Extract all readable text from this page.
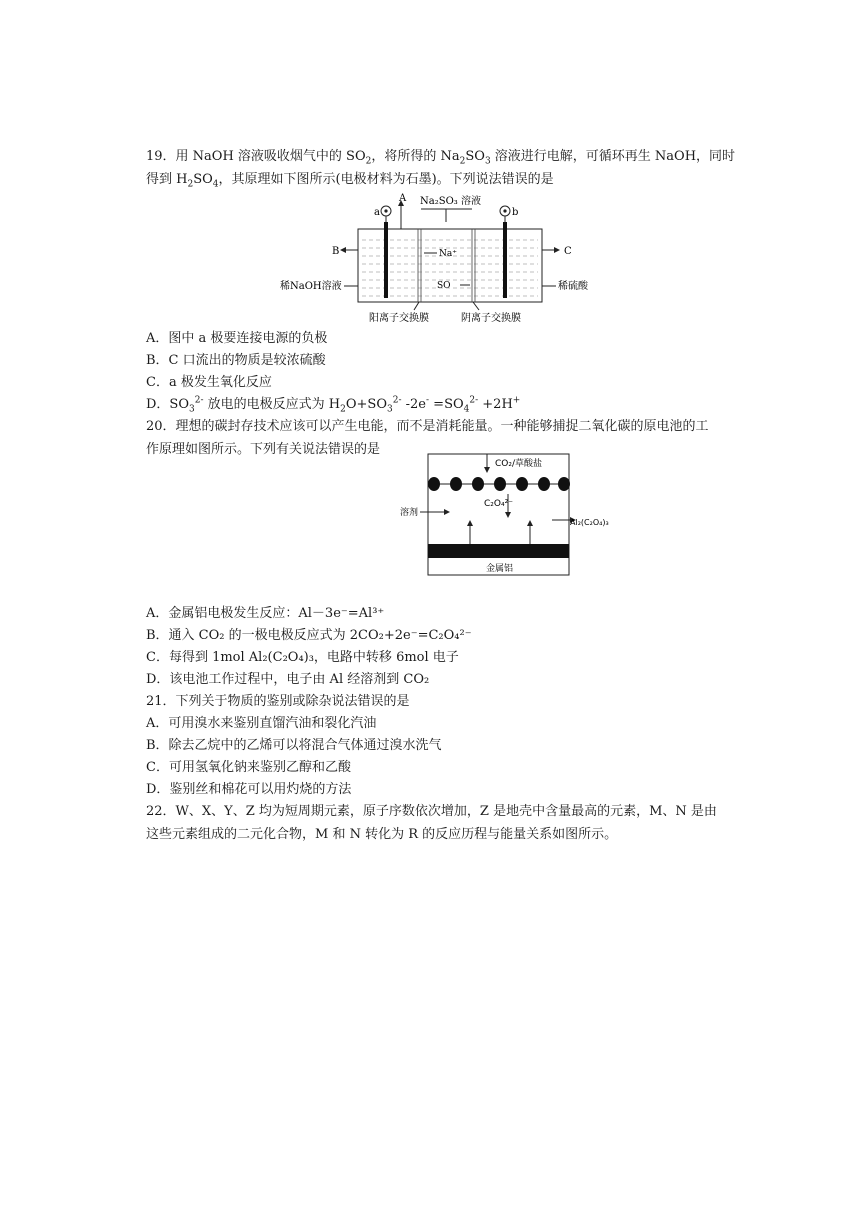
19．用 NaOH 溶液吸收烟气中的 $SO_2$，将所得的 $Na_2SO_3$ 溶液进行电解，可循环再生 NaOH，同时
得到 $H_2SO_4$，其原理如下图所示(电极材料为石墨)。下列说法错误的是
a	b
A Na₂SO₃ 溶液
B	C
Na⁺
SO
稀NaOH溶液	稀硫酸
阳离子交换膜	阴离子交换膜
A．图中 a 极要连接电源的负极
B．C 口流出的物质是较浓硫酸
C．a 极发生氧化反应
D．$SO_3^{2-}$ 放电的电极反应式为 $H_2O+SO_3^{2-}$ $-2e^- =SO_4^{2-} +2H^+$
20．理想的碳封存技术应该可以产生电能，而不是消耗能量。一种能够捕捉二氧化碳的原电池的工
作原理如图所示。下列有关说法错误的是
CO₂/草酸盐
C₂O₄²⁻
溶剂
Al₂(C₂O₄)₃
金属铝
A．金属铝电极发生反应：Al－3e⁻=Al³⁺
B．通入 CO₂ 的一极电极反应式为 2CO₂+2e⁻=C₂O₄²⁻
C．每得到 1mol Al₂(C₂O₄)₃，电路中转移 6mol 电子
D．该电池工作过程中，电子由 Al 经溶剂到 CO₂
21．下列关于物质的鉴别或除杂说法错误的是
A．可用溴水来鉴别直馏汽油和裂化汽油
B．除去乙烷中的乙烯可以将混合气体通过溴水洗气
C．可用氢氧化钠来鉴别乙醇和乙酸
D．鉴别丝和棉花可以用灼烧的方法
22．W、X、Y、Z 均为短周期元素，原子序数依次增加，Z 是地壳中含量最高的元素，M、N 是由
这些元素组成的二元化合物，M 和 N 转化为 R 的反应历程与能量关系如图所示。
